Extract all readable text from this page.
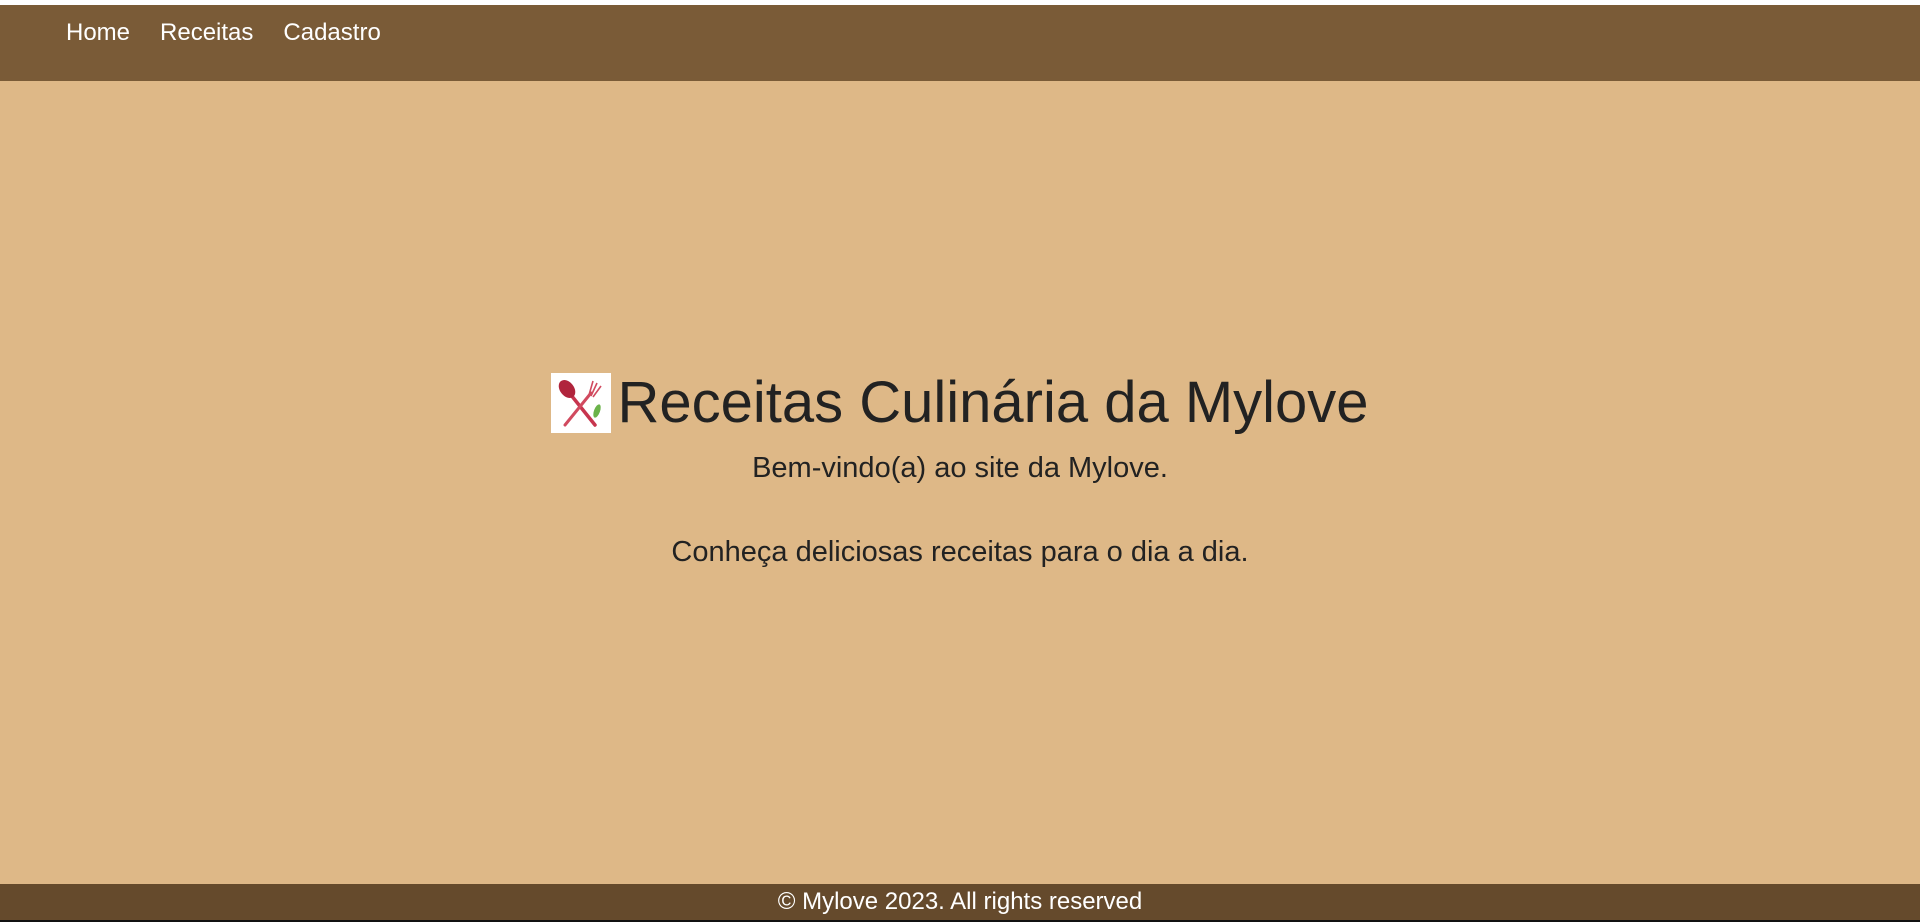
Home Receitas Cadastro
Receitas Culinária da Mylove

Bem-vindo(a) ao site da Mylove.

Conheça deliciosas receitas para o dia a dia.

© Mylove 2023. All rights reserved
